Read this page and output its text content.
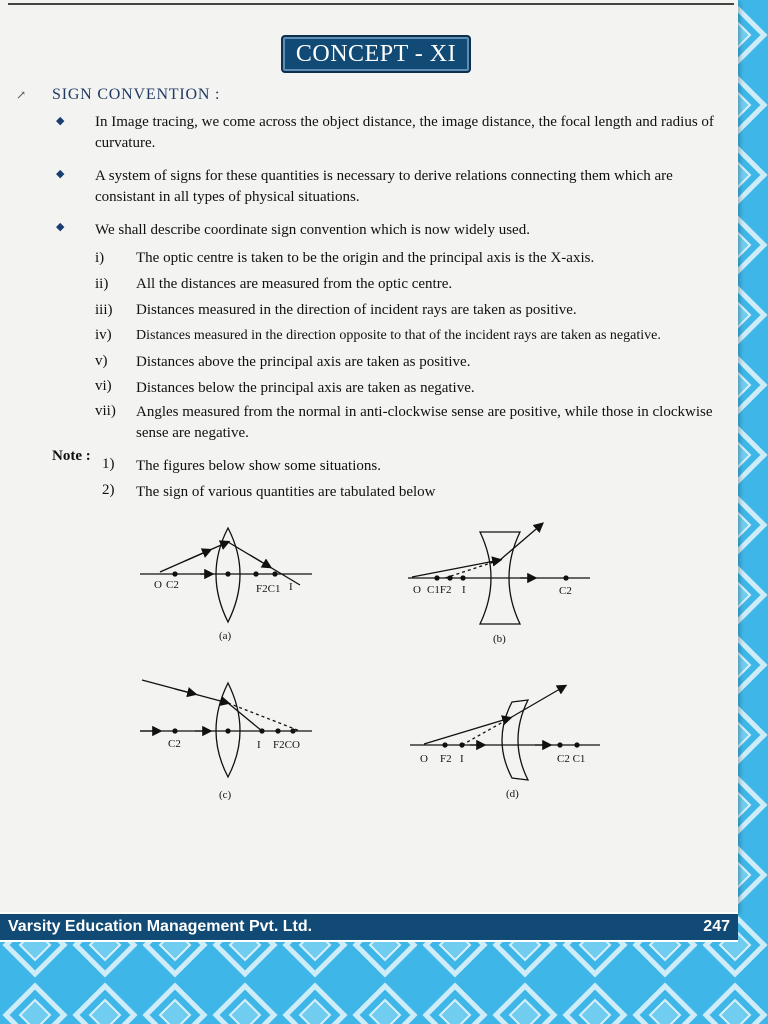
CONCEPT - XI
↗ SIGN CONVENTION :
◆ In Image tracing, we come across the object distance, the image distance, the focal length and radius of curvature.
◆ A system of signs for these quantities is necessary to derive relations connecting them which are consistant in all types of physical situations.
◆ We shall describe coordinate sign convention which is now widely used.
i) The optic centre is taken to be the origin and the principal axis is the X-axis.
ii) All the distances are measured from the optic centre.
iii) Distances measured in the direction of incident rays are taken as positive.
iv) Distances measured in the direction opposite to that of the incident rays are taken as negative.
v) Distances above the principal axis are taken as positive.
vi) Distances below the principal axis are taken as negative.
vii) Angles measured from the normal in anti-clockwise sense are positive, while those in clockwise sense are negative.
Note : 1) The figures below show some situations.
2) The sign of various quantities are tabulated below
O C2	F2C1 I
(a)
O C1F2 I	C2
(b)
C2	I F2CO
(c)
O F2 I	C2 C1
(d)
Varsity Education Management Pvt. Ltd.	247
